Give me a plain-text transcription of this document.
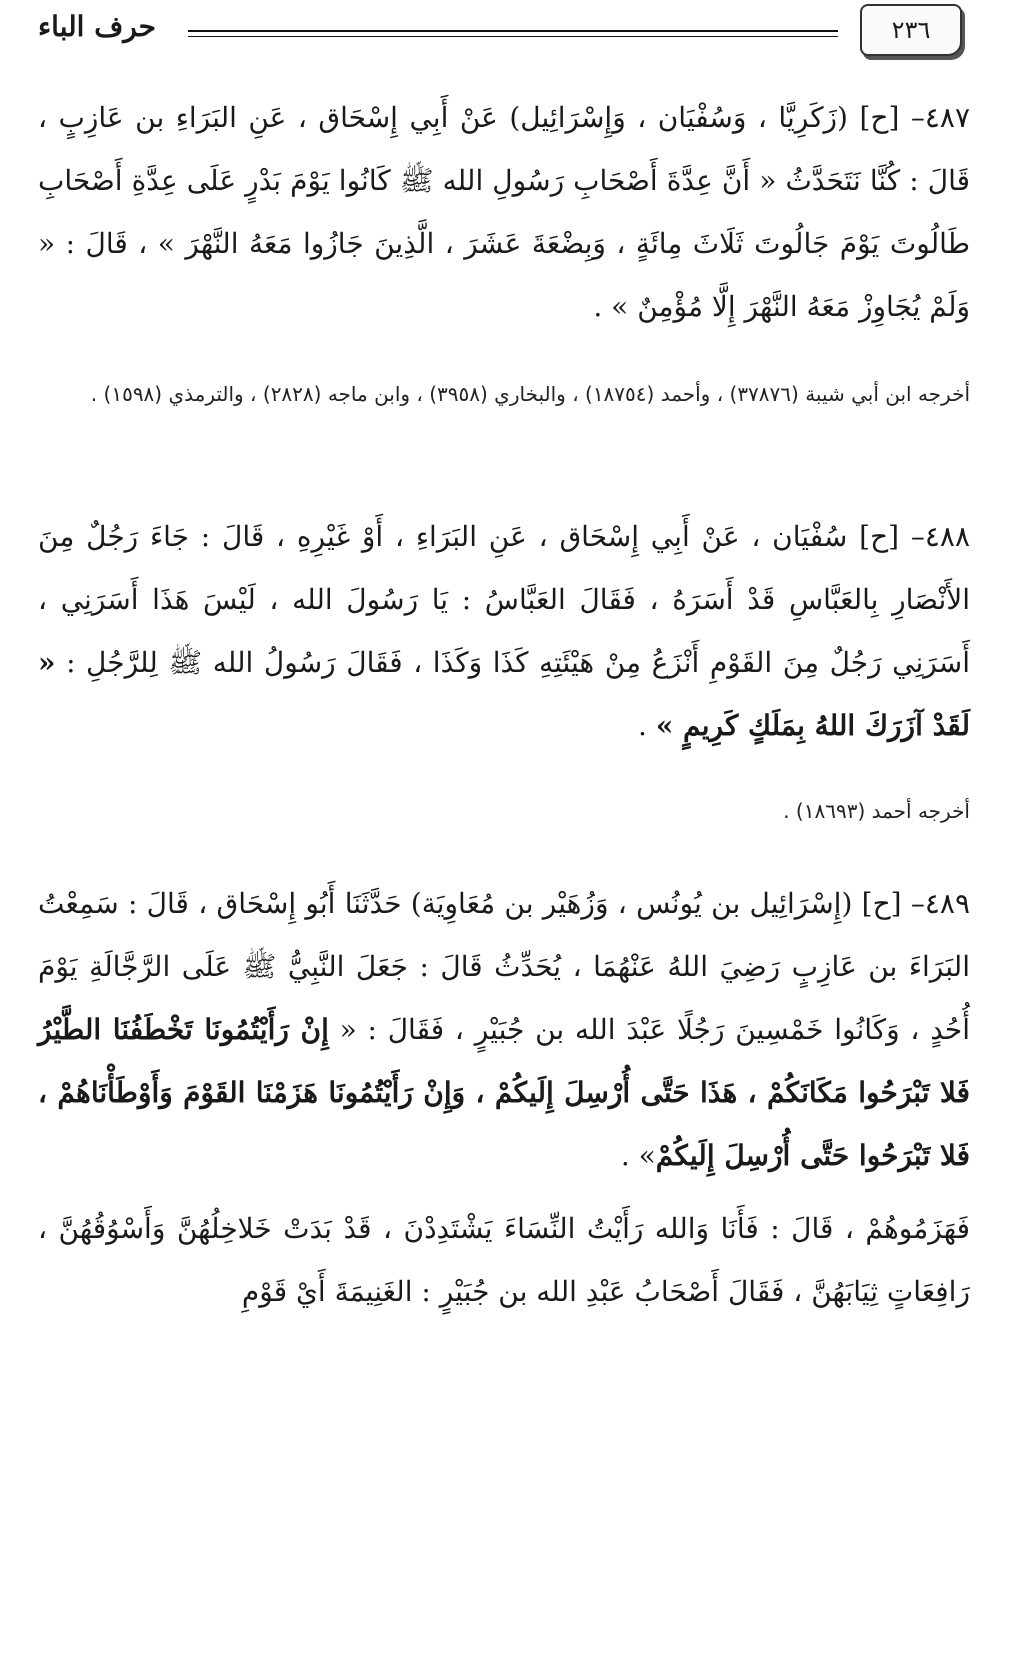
٢٣٦
حرف الباء

٤٨٧– [ح] (زَكَرِيَّا ، وَسُفْيَان ، وَإِسْرَائِيل) عَنْ أَبِي إِسْحَاق ، عَنِ البَرَاءِ بن عَازِبٍ ، قَالَ : كُنَّا نَتَحَدَّثُ « أَنَّ عِدَّةَ أَصْحَابِ رَسُولِ الله ﷺ كَانُوا يَوْمَ بَدْرٍ عَلَى عِدَّةِ أَصْحَابِ طَالُوتَ يَوْمَ جَالُوتَ ثَلَاثَ مِائَةٍ ، وَبِضْعَةَ عَشَرَ ، الَّذِينَ جَازُوا مَعَهُ النَّهْرَ » ، قَالَ : « وَلَمْ يُجَاوِزْ مَعَهُ النَّهْرَ إِلَّا مُؤْمِنٌ » .

أخرجه ابن أبي شيبة (٣٧٨٧٦) ، وأحمد (١٨٧٥٤) ، والبخاري (٣٩٥٨) ، وابن ماجه (٢٨٢٨) ، والترمذي (١٥٩٨) .

٤٨٨– [ح] سُفْيَان ، عَنْ أَبِي إِسْحَاق ، عَنِ البَرَاءِ ، أَوْ غَيْرِهِ ، قَالَ : جَاءَ رَجُلٌ مِنَ الأَنْصَارِ بِالعَبَّاسِ قَدْ أَسَرَهُ ، فَقَالَ العَبَّاسُ : يَا رَسُولَ الله ، لَيْسَ هَذَا أَسَرَنِي ، أَسَرَنِي رَجُلٌ مِنَ القَوْمِ أَنْزَعُ مِنْ هَيْئَتِهِ كَذَا وَكَذَا ، فَقَالَ رَسُولُ الله ﷺ لِلرَّجُلِ : « لَقَدْ آزَرَكَ اللهُ بِمَلَكٍ كَرِيمٍ » .

أخرجه أحمد (١٨٦٩٣) .

٤٨٩– [ح] (إِسْرَائِيل بن يُونُس ، وَزُهَيْر بن مُعَاوِيَة) حَدَّثَنَا أَبُو إِسْحَاق ، قَالَ : سَمِعْتُ البَرَاءَ بن عَازِبٍ رَضِيَ اللهُ عَنْهُمَا ، يُحَدِّثُ قَالَ : جَعَلَ النَّبِيُّ ﷺ عَلَى الرَّجَّالَةِ يَوْمَ أُحُدٍ ، وَكَانُوا خَمْسِينَ رَجُلًا عَبْدَ الله بن جُبَيْرٍ ، فَقَالَ : « إِنْ رَأَيْتُمُونَا تَخْطَفُنَا الطَّيْرُ فَلا تَبْرَحُوا مَكَانَكُمْ ، هَذَا حَتَّى أُرْسِلَ إِلَيكُمْ ، وَإِنْ رَأَيْتُمُونَا هَزَمْنَا القَوْمَ وَأَوْطَأْنَاهُمْ ، فَلا تَبْرَحُوا حَتَّى أُرْسِلَ إِلَيكُمْ» .

فَهَزَمُوهُمْ ، قَالَ : فَأَنَا وَالله رَأَيْتُ النِّسَاءَ يَشْتَدِدْنَ ، قَدْ بَدَتْ خَلاخِلُهُنَّ وَأَسْوُقُهُنَّ ، رَافِعَاتٍ ثِيَابَهُنَّ ، فَقَالَ أَصْحَابُ عَبْدِ الله بن جُبَيْرٍ : الغَنِيمَةَ أَيْ قَوْمِ
